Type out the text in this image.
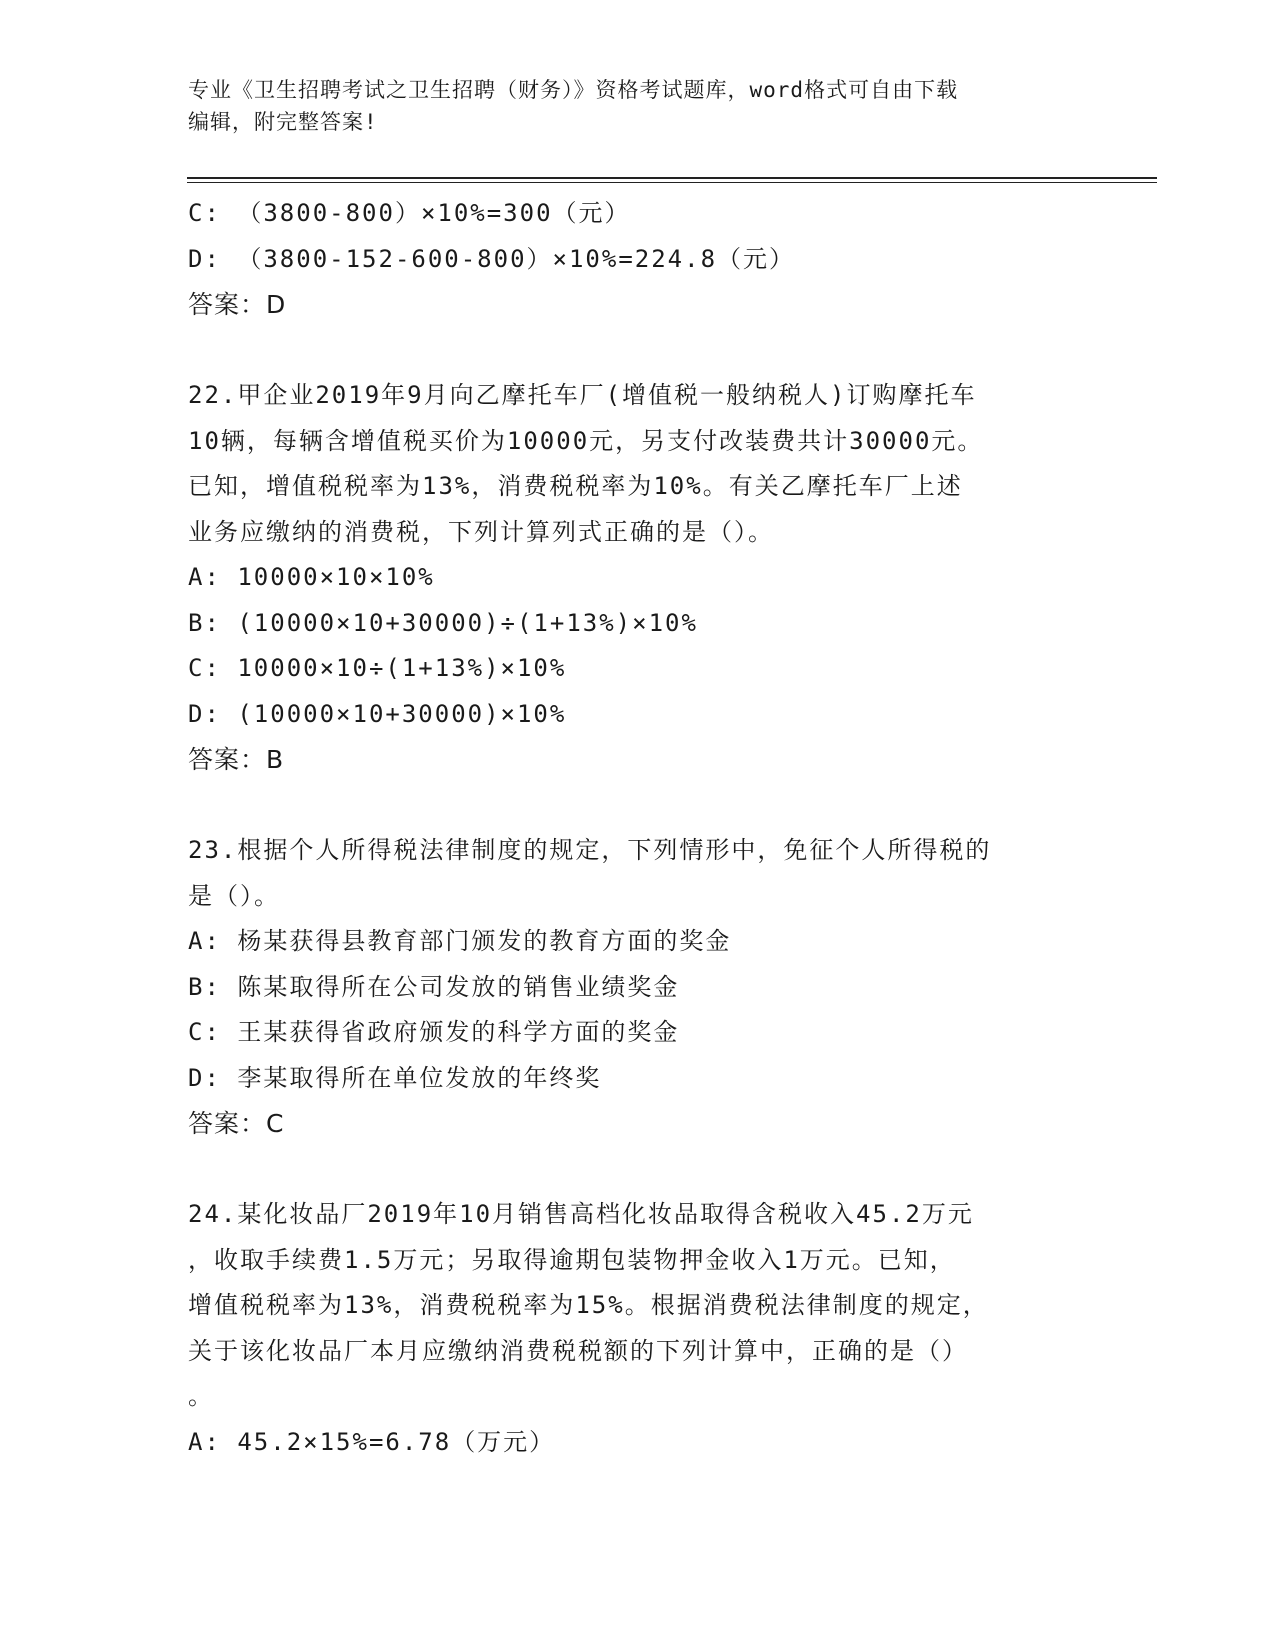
专业《卫生招聘考试之卫生招聘（财务）》资格考试题库，word格式可自由下载
编辑，附完整答案!
C: （3800-800）×10%=300（元）
D: （3800-152-600-800）×10%=224.8（元）
答案：D
22.甲企业2019年9月向乙摩托车厂(增值税一般纳税人)订购摩托车
10辆，每辆含增值税买价为10000元，另支付改装费共计30000元。
已知，增值税税率为13%，消费税税率为10%。有关乙摩托车厂上述
业务应缴纳的消费税，下列计算列式正确的是（）。
A: 10000×10×10%
B: (10000×10+30000)÷(1+13%)×10%
C: 10000×10÷(1+13%)×10%
D: (10000×10+30000)×10%
答案：B
23.根据个人所得税法律制度的规定，下列情形中，免征个人所得税的
是（）。
A: 杨某获得县教育部门颁发的教育方面的奖金
B: 陈某取得所在公司发放的销售业绩奖金
C: 王某获得省政府颁发的科学方面的奖金
D: 李某取得所在单位发放的年终奖
答案：C
24.某化妆品厂2019年10月销售高档化妆品取得含税收入45.2万元
，收取手续费1.5万元；另取得逾期包装物押金收入1万元。已知，
增值税税率为13%，消费税税率为15%。根据消费税法律制度的规定，
关于该化妆品厂本月应缴纳消费税税额的下列计算中，正确的是（）
。
A: 45.2×15%=6.78（万元）
